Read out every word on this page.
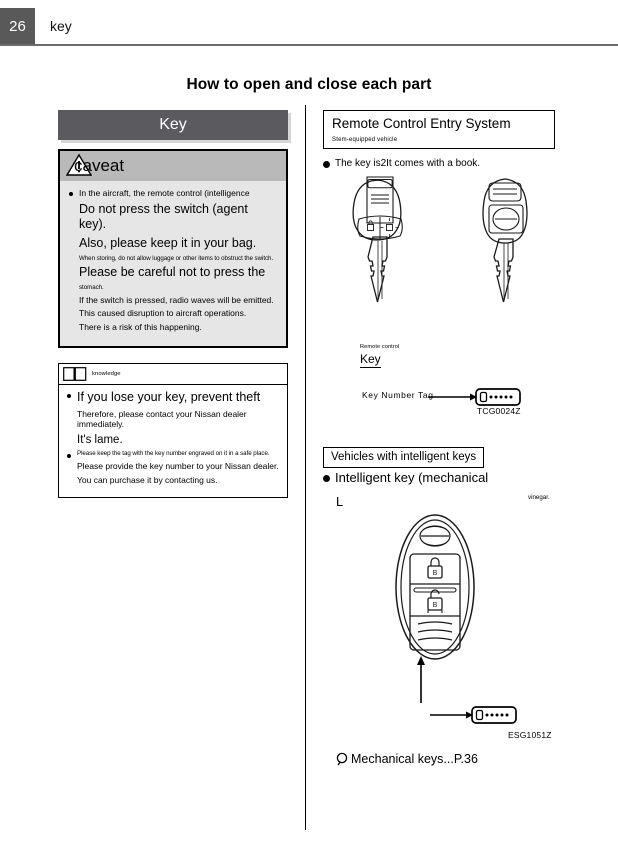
26	key
How to open and close each part
Key
caveat
In the aircraft, the remote control (intelligence
Do not press the switch (agent key).
Also, please keep it in your bag.
When storing, do not allow luggage or other items to obstruct the switch.
Please be careful not to press the
stomach.
If the switch is pressed, radio waves will be emitted.
This caused disruption to aircraft operations.
There is a risk of this happening.
knowledge
If you lose your key, prevent theft
Therefore, please contact your Nissan dealer immediately.
It's lame.
Please keep the tag with the key number engraved on it in a safe place.
Please provide the key number to your Nissan dealer.
You can purchase it by contacting us.
Remote Control Entry System
Stem-equipped vehicle
The key is2It comes with a book.
Remote control
Key
Key Number Tag
TCG0024Z
Vehicles with intelligent keys
Intelligent key (mechanical
L	vinegar.
B
B
ESG1051Z
Mechanical keys...P.36
